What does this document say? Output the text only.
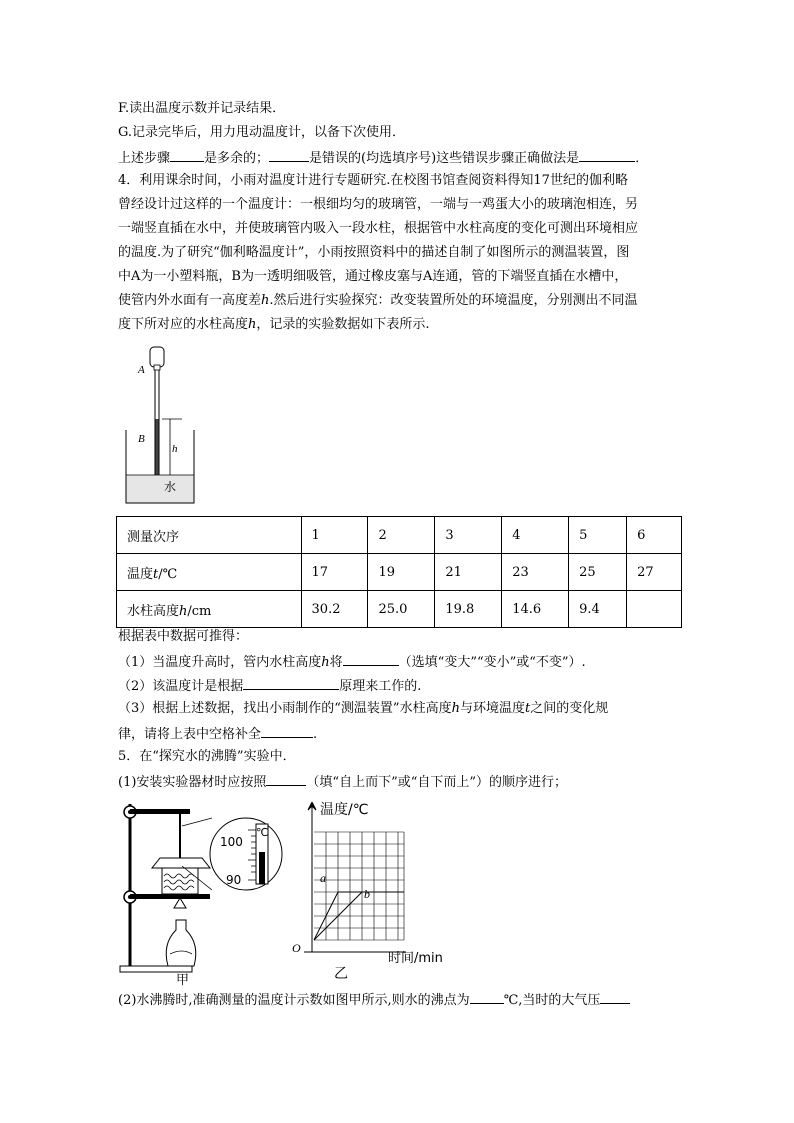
F.读出温度示数并记录结果．
G.记录完毕后，用力甩动温度计，以备下次使用．
上述步骤	是多余的；	是错误的(均选填序号)这些错误步骤正确做法是	．
4．利用课余时间，小雨对温度计进行专题研究.在校图书馆查阅资料得知17世纪的伽利略
曾经设计过这样的一个温度计：一根细均匀的玻璃管，一端与一鸡蛋大小的玻璃泡相连，另
一端竖直插在水中，并使玻璃管内吸入一段水柱，根据管中水柱高度的变化可测出环境相应
的温度.为了研究“伽利略温度计”，小雨按照资料中的描述自制了如图所示的测温装置，图
中A为一小塑料瓶，B为一透明细吸管，通过橡皮塞与A连通，管的下端竖直插在水槽中，
使管内外水面有一高度差h.然后进行实验探究：改变装置所处的环境温度，分别测出不同温
度下所对应的水柱高度h，记录的实验数据如下表所示.
A
B
h
水
测量次序	1	2	3	4	5	6
温度t/℃	17	19	21	23	25	27
水柱高度h/cm	30.2	25.0	19.8	14.6	9.4	
根据表中数据可推得：
（1）当温度升高时，管内水柱高度h将	（选填“变大”“变小”或“不变”）.
（2）该温度计是根据	原理来工作的.
（3）根据上述数据，找出小雨制作的“测温装置”水柱高度h与环境温度t之间的变化规
律，请将上表中空格补全	.
5．在“探究水的沸腾”实验中．
(1)安装实验器材时应按照	（填“自上而下”或“自下而上”）的顺序进行；
100
90
℃
甲
a
b
温度/℃
时间/min
O
乙
(2)水沸腾时,准确测量的温度计示数如图甲所示,则水的沸点为	℃,当时的大气压
